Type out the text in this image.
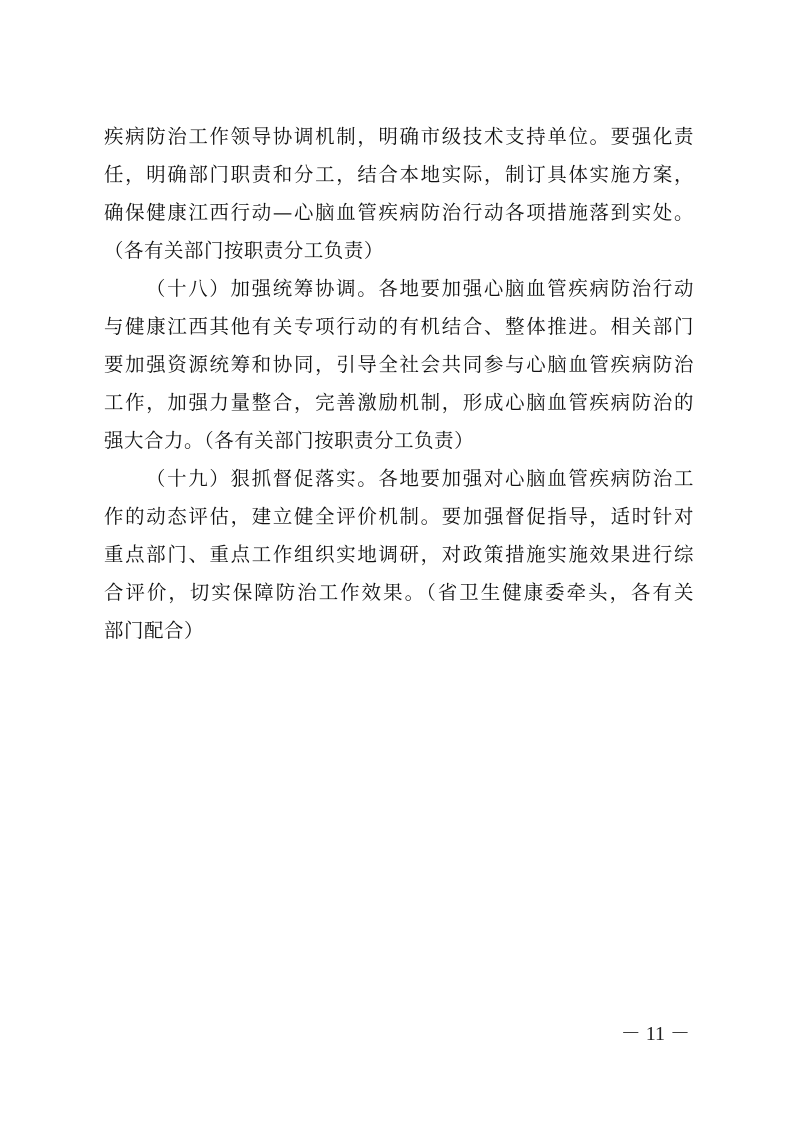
疾病防治工作领导协调机制，明确市级技术支持单位。要强化责
任，明确部门职责和分工，结合本地实际，制订具体实施方案，
确保健康江西行动—心脑血管疾病防治行动各项措施落到实处。
（各有关部门按职责分工负责）
（十八）加强统筹协调。各地要加强心脑血管疾病防治行动
与健康江西其他有关专项行动的有机结合、整体推进。相关部门
要加强资源统筹和协同，引导全社会共同参与心脑血管疾病防治
工作，加强力量整合，完善激励机制，形成心脑血管疾病防治的
强大合力。（各有关部门按职责分工负责）
（十九）狠抓督促落实。各地要加强对心脑血管疾病防治工
作的动态评估，建立健全评价机制。要加强督促指导，适时针对
重点部门、重点工作组织实地调研，对政策措施实施效果进行综
合评价，切实保障防治工作效果。（省卫生健康委牵头，各有关
部门配合）
－ 11 －
